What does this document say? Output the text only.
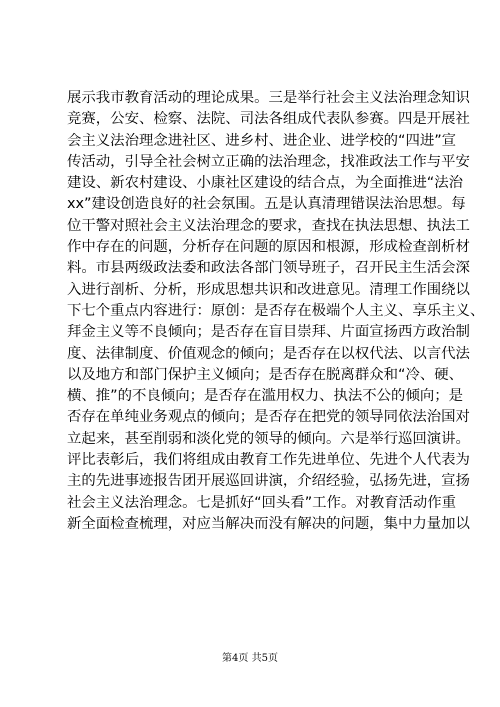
展示我市教育活动的理论成果。三是举行社会主义法治理念知识
竞赛，公安、检察、法院、司法各组成代表队参赛。四是开展社
会主义法治理念进社区、进乡村、进企业、进学校的“四进”宣
传活动，引导全社会树立正确的法治理念，找准政法工作与平安
建设、新农村建设、小康社区建设的结合点，为全面推进“法治
xx”建设创造良好的社会氛围。五是认真清理错误法治思想。每
位干警对照社会主义法治理念的要求，查找在执法思想、执法工
作中存在的问题，分析存在问题的原因和根源，形成检查剖析材
料。市县两级政法委和政法各部门领导班子，召开民主生活会深
入进行剖析、分析，形成思想共识和改进意见。清理工作围绕以
下七个重点内容进行：原创：是否存在极端个人主义、享乐主义、
拜金主义等不良倾向；是否存在盲目崇拜、片面宣扬西方政治制
度、法律制度、价值观念的倾向；是否存在以权代法、以言代法
以及地方和部门保护主义倾向；是否存在脱离群众和“冷、硬、
横、推”的不良倾向；是否存在滥用权力、执法不公的倾向；是
否存在单纯业务观点的倾向；是否存在把党的领导同依法治国对
立起来，甚至削弱和淡化党的领导的倾向。六是举行巡回演讲。
评比表彰后，我们将组成由教育工作先进单位、先进个人代表为
主的先进事迹报告团开展巡回讲演，介绍经验，弘扬先进，宣扬
社会主义法治理念。七是抓好“回头看”工作。对教育活动作重
新全面检查梳理，对应当解决而没有解决的问题，集中力量加以
第4页 共5页
